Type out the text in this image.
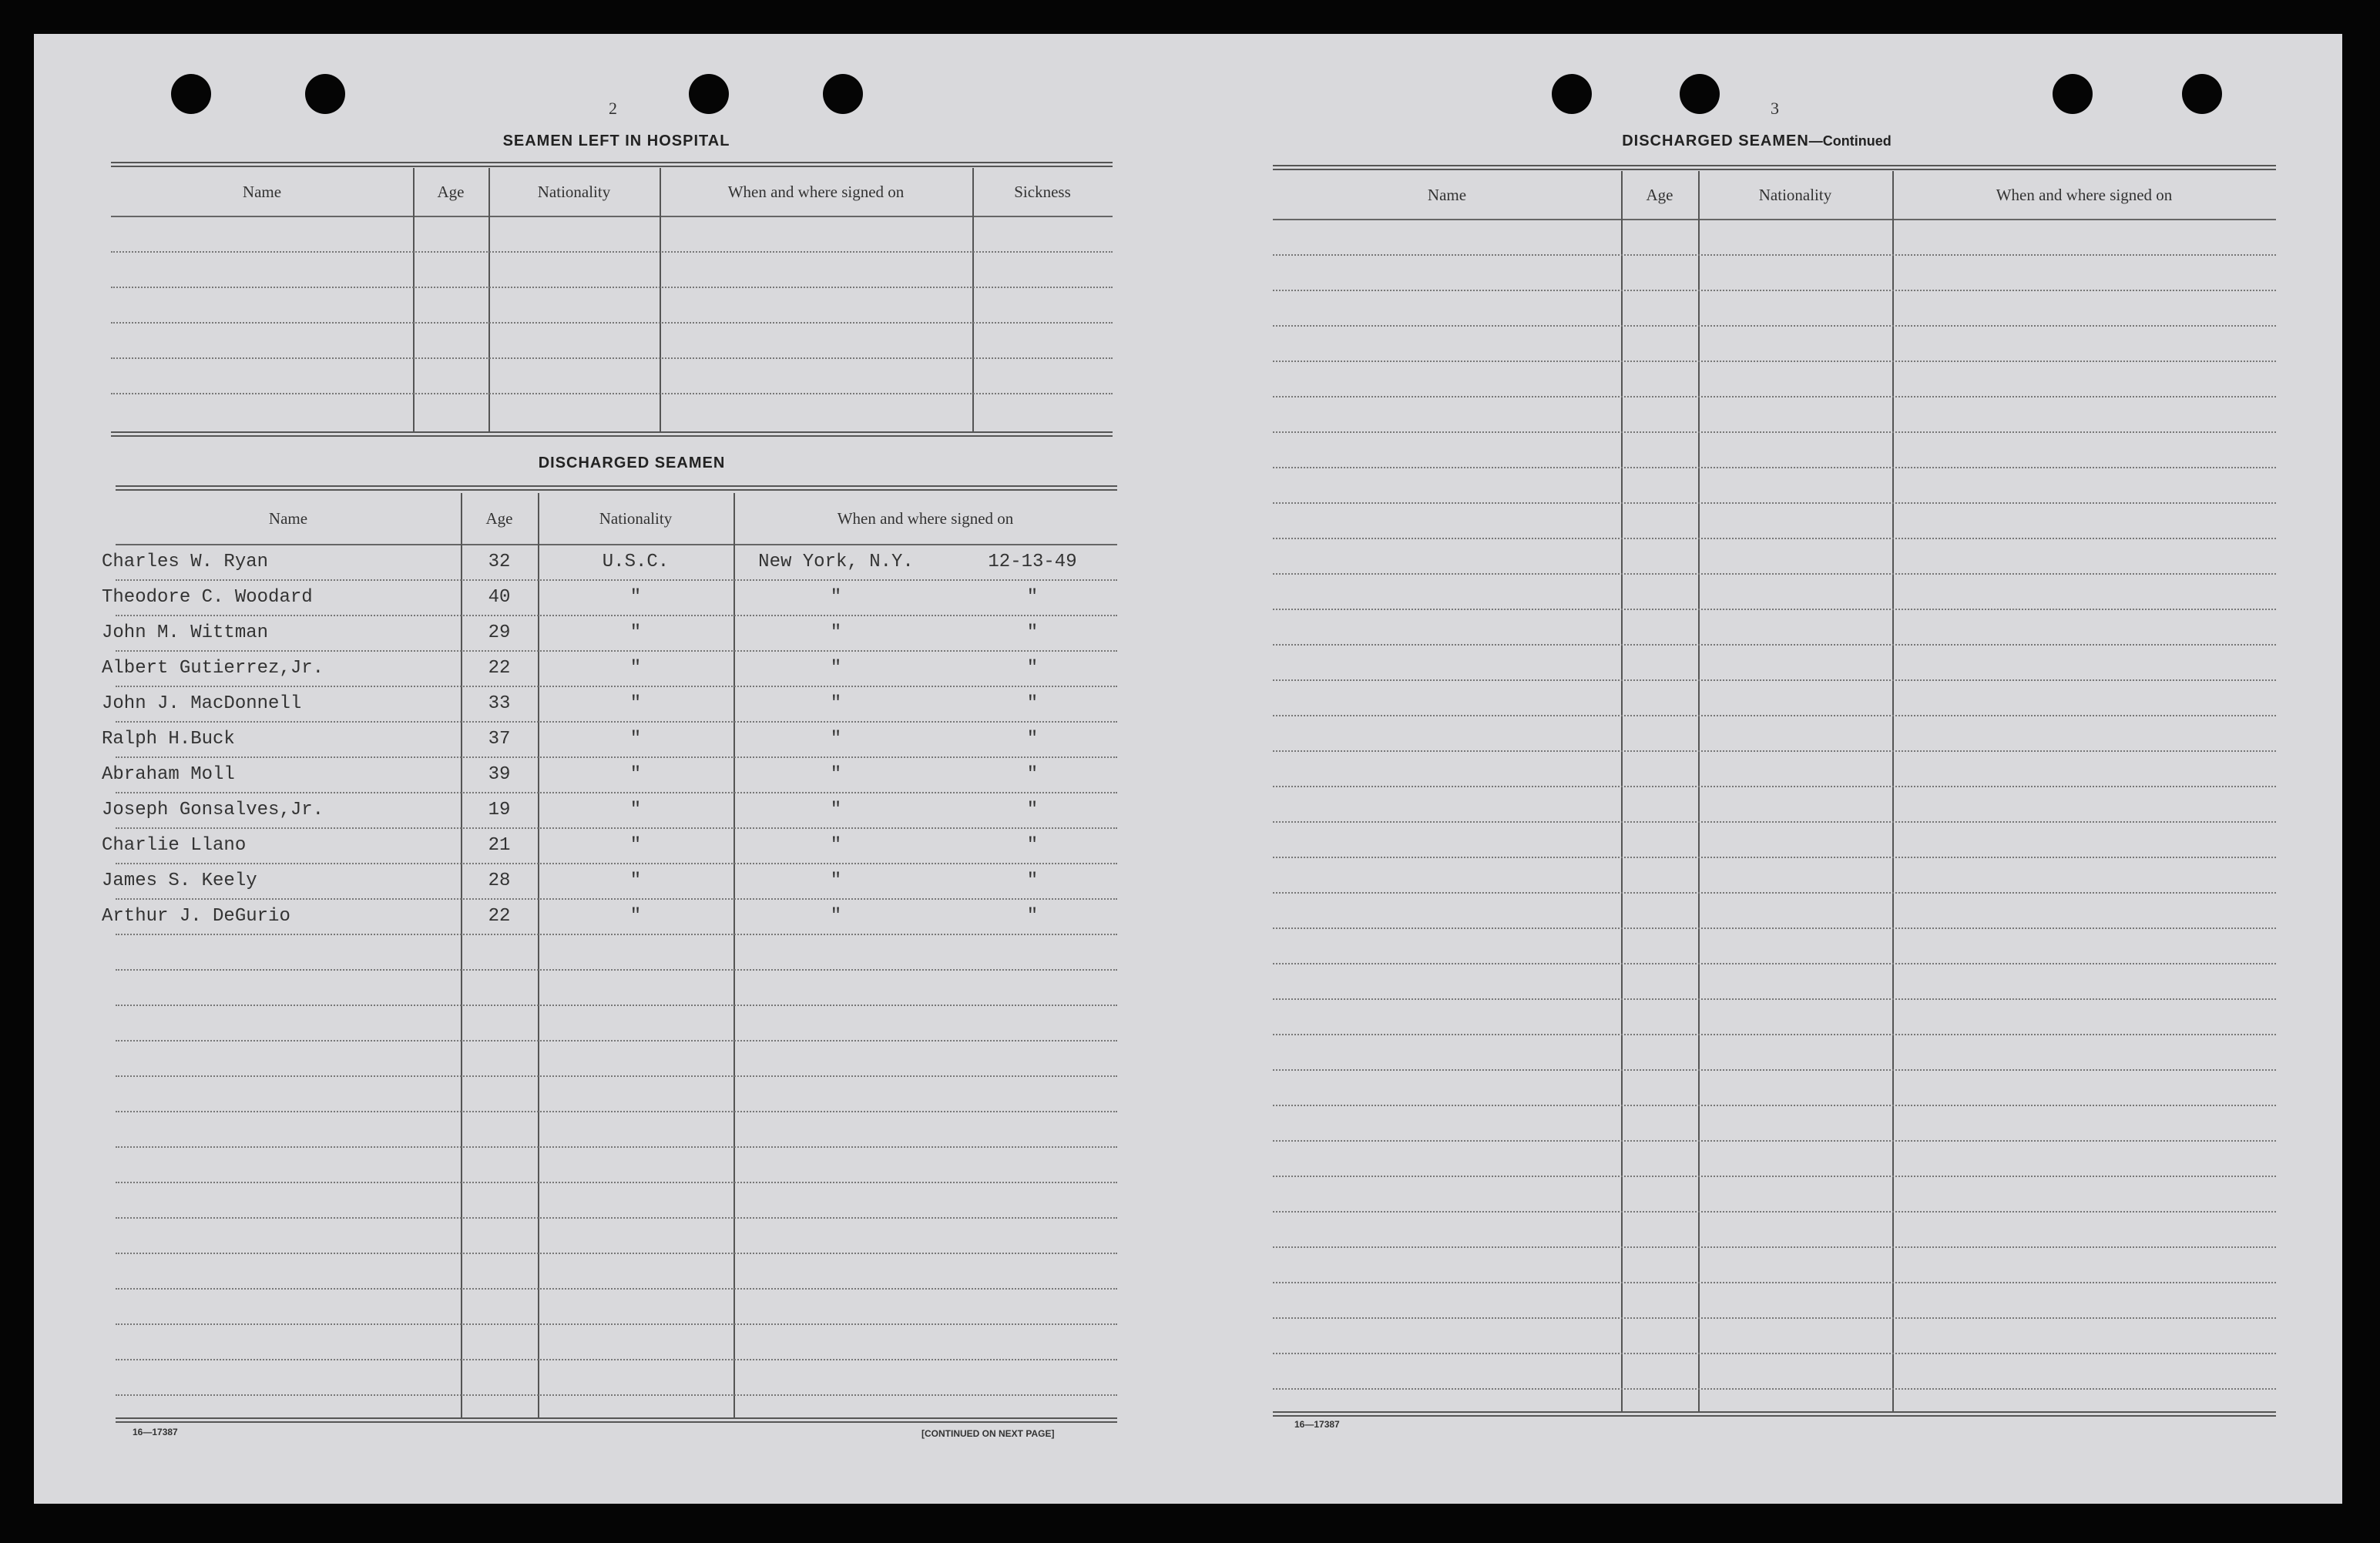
2
SEAMEN LEFT IN HOSPITAL
DISCHARGED SEAMEN
16—17387	[CONTINUED ON NEXT PAGE]
3
DISCHARGED SEAMEN—Continued
16—17387
Name	Age	Nationality	When and where signed on	Sickness
Name	Age	Nationality	When and where signed on
Charles W. Ryan	32	U.S.C.	New York, N.Y.	12-13-49
Theodore C. Woodard	40	"	"	"
John M. Wittman	29	"	"	"
Albert Gutierrez,Jr.	22	"	"	"
John J. MacDonnell	33	"	"	"
Ralph H.Buck	37	"	"	"
Abraham Moll	39	"	"	"
Joseph Gonsalves,Jr.	19	"	"	"
Charlie Llano	21	"	"	"
James S. Keely	28	"	"	"
Arthur J. DeGurio	22	"	"	"
Name	Age	Nationality	When and where signed on
